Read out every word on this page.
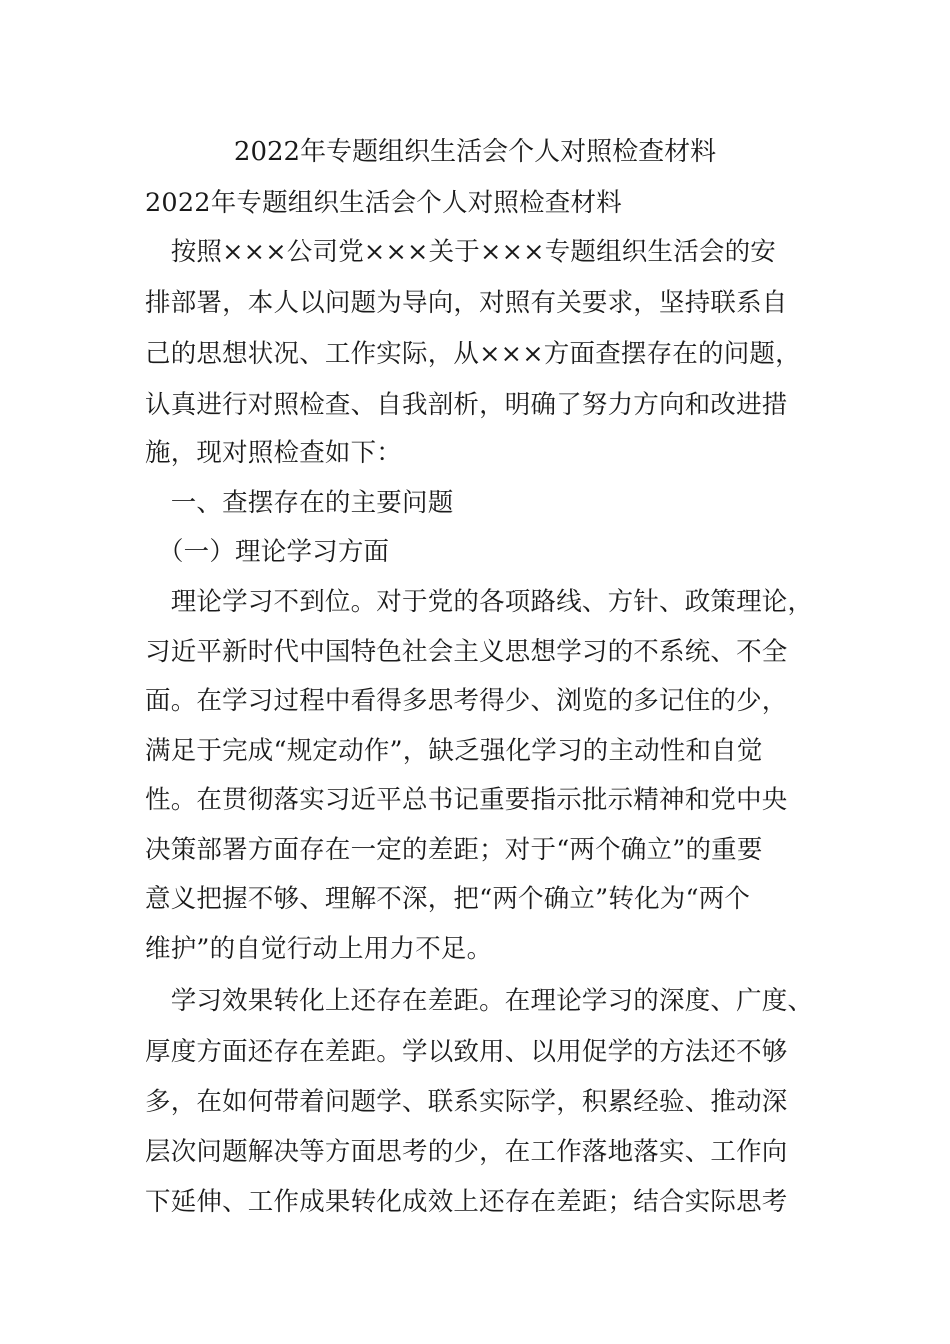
2022年专题组织生活会个人对照检查材料
2022年专题组织生活会个人对照检查材料
　按照×××公司党×××关于×××专题组织生活会的安
排部署，本人以问题为导向，对照有关要求，坚持联系自
己的思想状况、工作实际，从×××方面查摆存在的问题，
认真进行对照检查、自我剖析，明确了努力方向和改进措
施，现对照检查如下：
　一、查摆存在的主要问题
　（一）理论学习方面
　理论学习不到位。对于党的各项路线、方针、政策理论，
习近平新时代中国特色社会主义思想学习的不系统、不全
面。在学习过程中看得多思考得少、浏览的多记住的少，
满足于完成“规定动作”，缺乏强化学习的主动性和自觉
性。在贯彻落实习近平总书记重要指示批示精神和党中央
决策部署方面存在一定的差距；对于“两个确立”的重要
意义把握不够、理解不深，把“两个确立”转化为“两个
维护”的自觉行动上用力不足。
　学习效果转化上还存在差距。在理论学习的深度、广度、
厚度方面还存在差距。学以致用、以用促学的方法还不够
多，在如何带着问题学、联系实际学，积累经验、推动深
层次问题解决等方面思考的少，在工作落地落实、工作向
下延伸、工作成果转化成效上还存在差距；结合实际思考
